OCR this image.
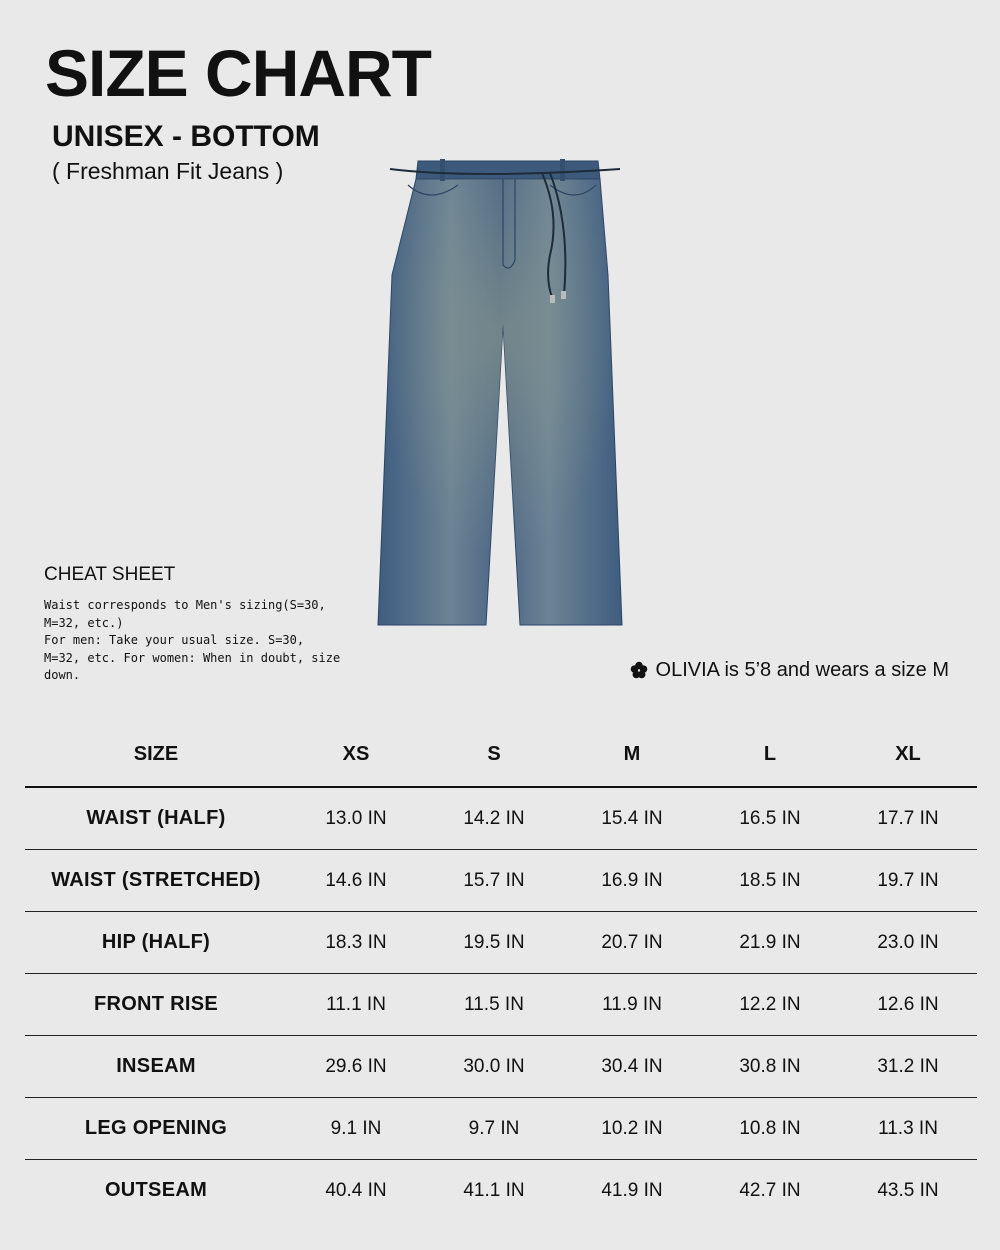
SIZE CHART
UNISEX - BOTTOM
( Freshman Fit Jeans )
CHEAT SHEET
Waist corresponds to Men's sizing(S=30, M=32, etc.)
For men: Take your usual size. S=30, M=32, etc. For women: When in doubt, size down.	OLIVIA is 5’8 and wears a size M
SIZE	XS	S	M	L	XL
WAIST (HALF)	13.0 IN	14.2 IN	15.4 IN	16.5 IN	17.7 IN
WAIST (STRETCHED)	14.6 IN	15.7 IN	16.9 IN	18.5 IN	19.7 IN
HIP (HALF)	18.3 IN	19.5 IN	20.7 IN	21.9 IN	23.0 IN
FRONT RISE	11.1 IN	11.5 IN	11.9 IN	12.2 IN	12.6 IN
INSEAM	29.6 IN	30.0 IN	30.4 IN	30.8 IN	31.2 IN
LEG OPENING	9.1 IN	9.7 IN	10.2 IN	10.8 IN	11.3 IN
OUTSEAM	40.4 IN	41.1 IN	41.9 IN	42.7 IN	43.5 IN
